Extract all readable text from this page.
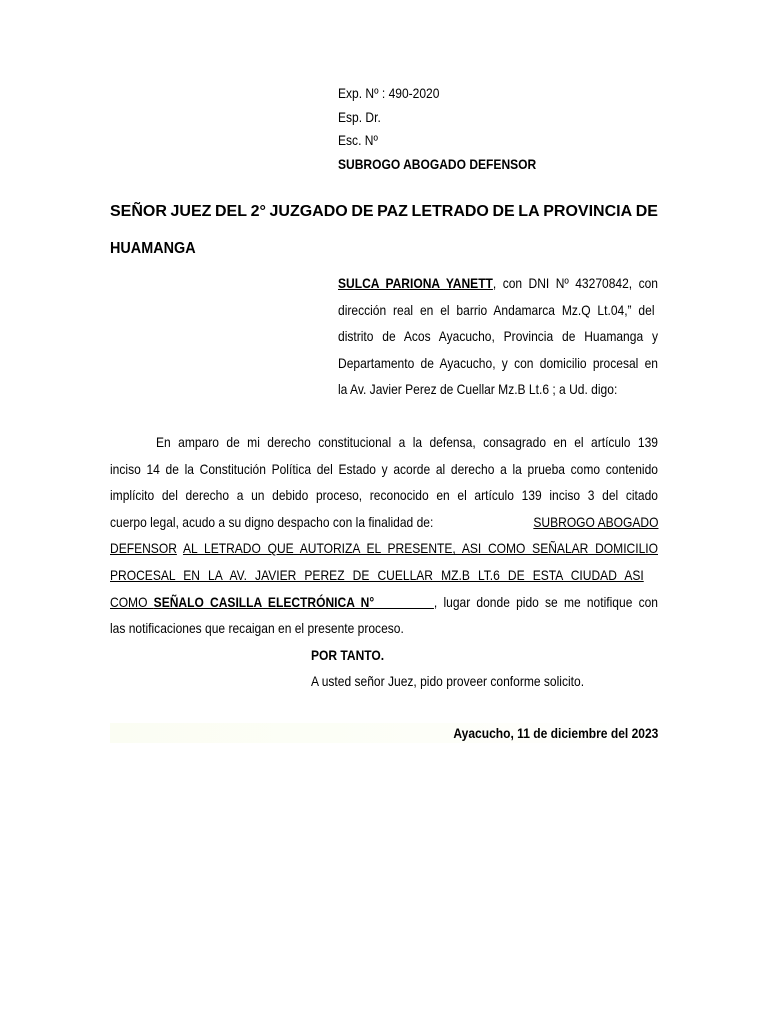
Exp. Nº : 490-2020
Esp. Dr.
Esc. Nº
SUBROGO ABOGADO DEFENSOR
SEÑOR JUEZ DEL 2° JUZGADO DE PAZ LETRADO DE LA PROVINCIA DE
HUAMANGA
SULCA PARIONA YANETT, con DNI Nº 43270842, con
dirección real en el barrio Andamarca Mz.Q Lt.04,” del
distrito de Acos Ayacucho, Provincia de Huamanga y
Departamento de Ayacucho, y con domicilio procesal en
la Av. Javier Perez de Cuellar Mz.B Lt.6 ; a Ud. digo:
En amparo de mi derecho constitucional a la defensa, consagrado en el artículo 139
inciso 14 de la Constitución Política del Estado y acorde al derecho a la prueba como contenido
implícito del derecho a un debido proceso, reconocido en el artículo 139 inciso 3 del citado
cuerpo legal, acudo a su digno despacho con la finalidad de:	SUBROGO ABOGADO
DEFENSOR AL LETRADO QUE AUTORIZA EL PRESENTE, ASI COMO SEÑALAR DOMICILIO
PROCESAL EN LA AV. JAVIER PEREZ DE CUELLAR MZ.B LT.6 DE ESTA CIUDAD ASI
COMO SEÑALO CASILLA ELECTRÓNICA N° ________, lugar donde pido se me notifique con
las notificaciones que recaigan en el presente proceso.
POR TANTO.
A usted señor Juez, pido proveer conforme solicito.
Ayacucho, 11 de diciembre del 2023
